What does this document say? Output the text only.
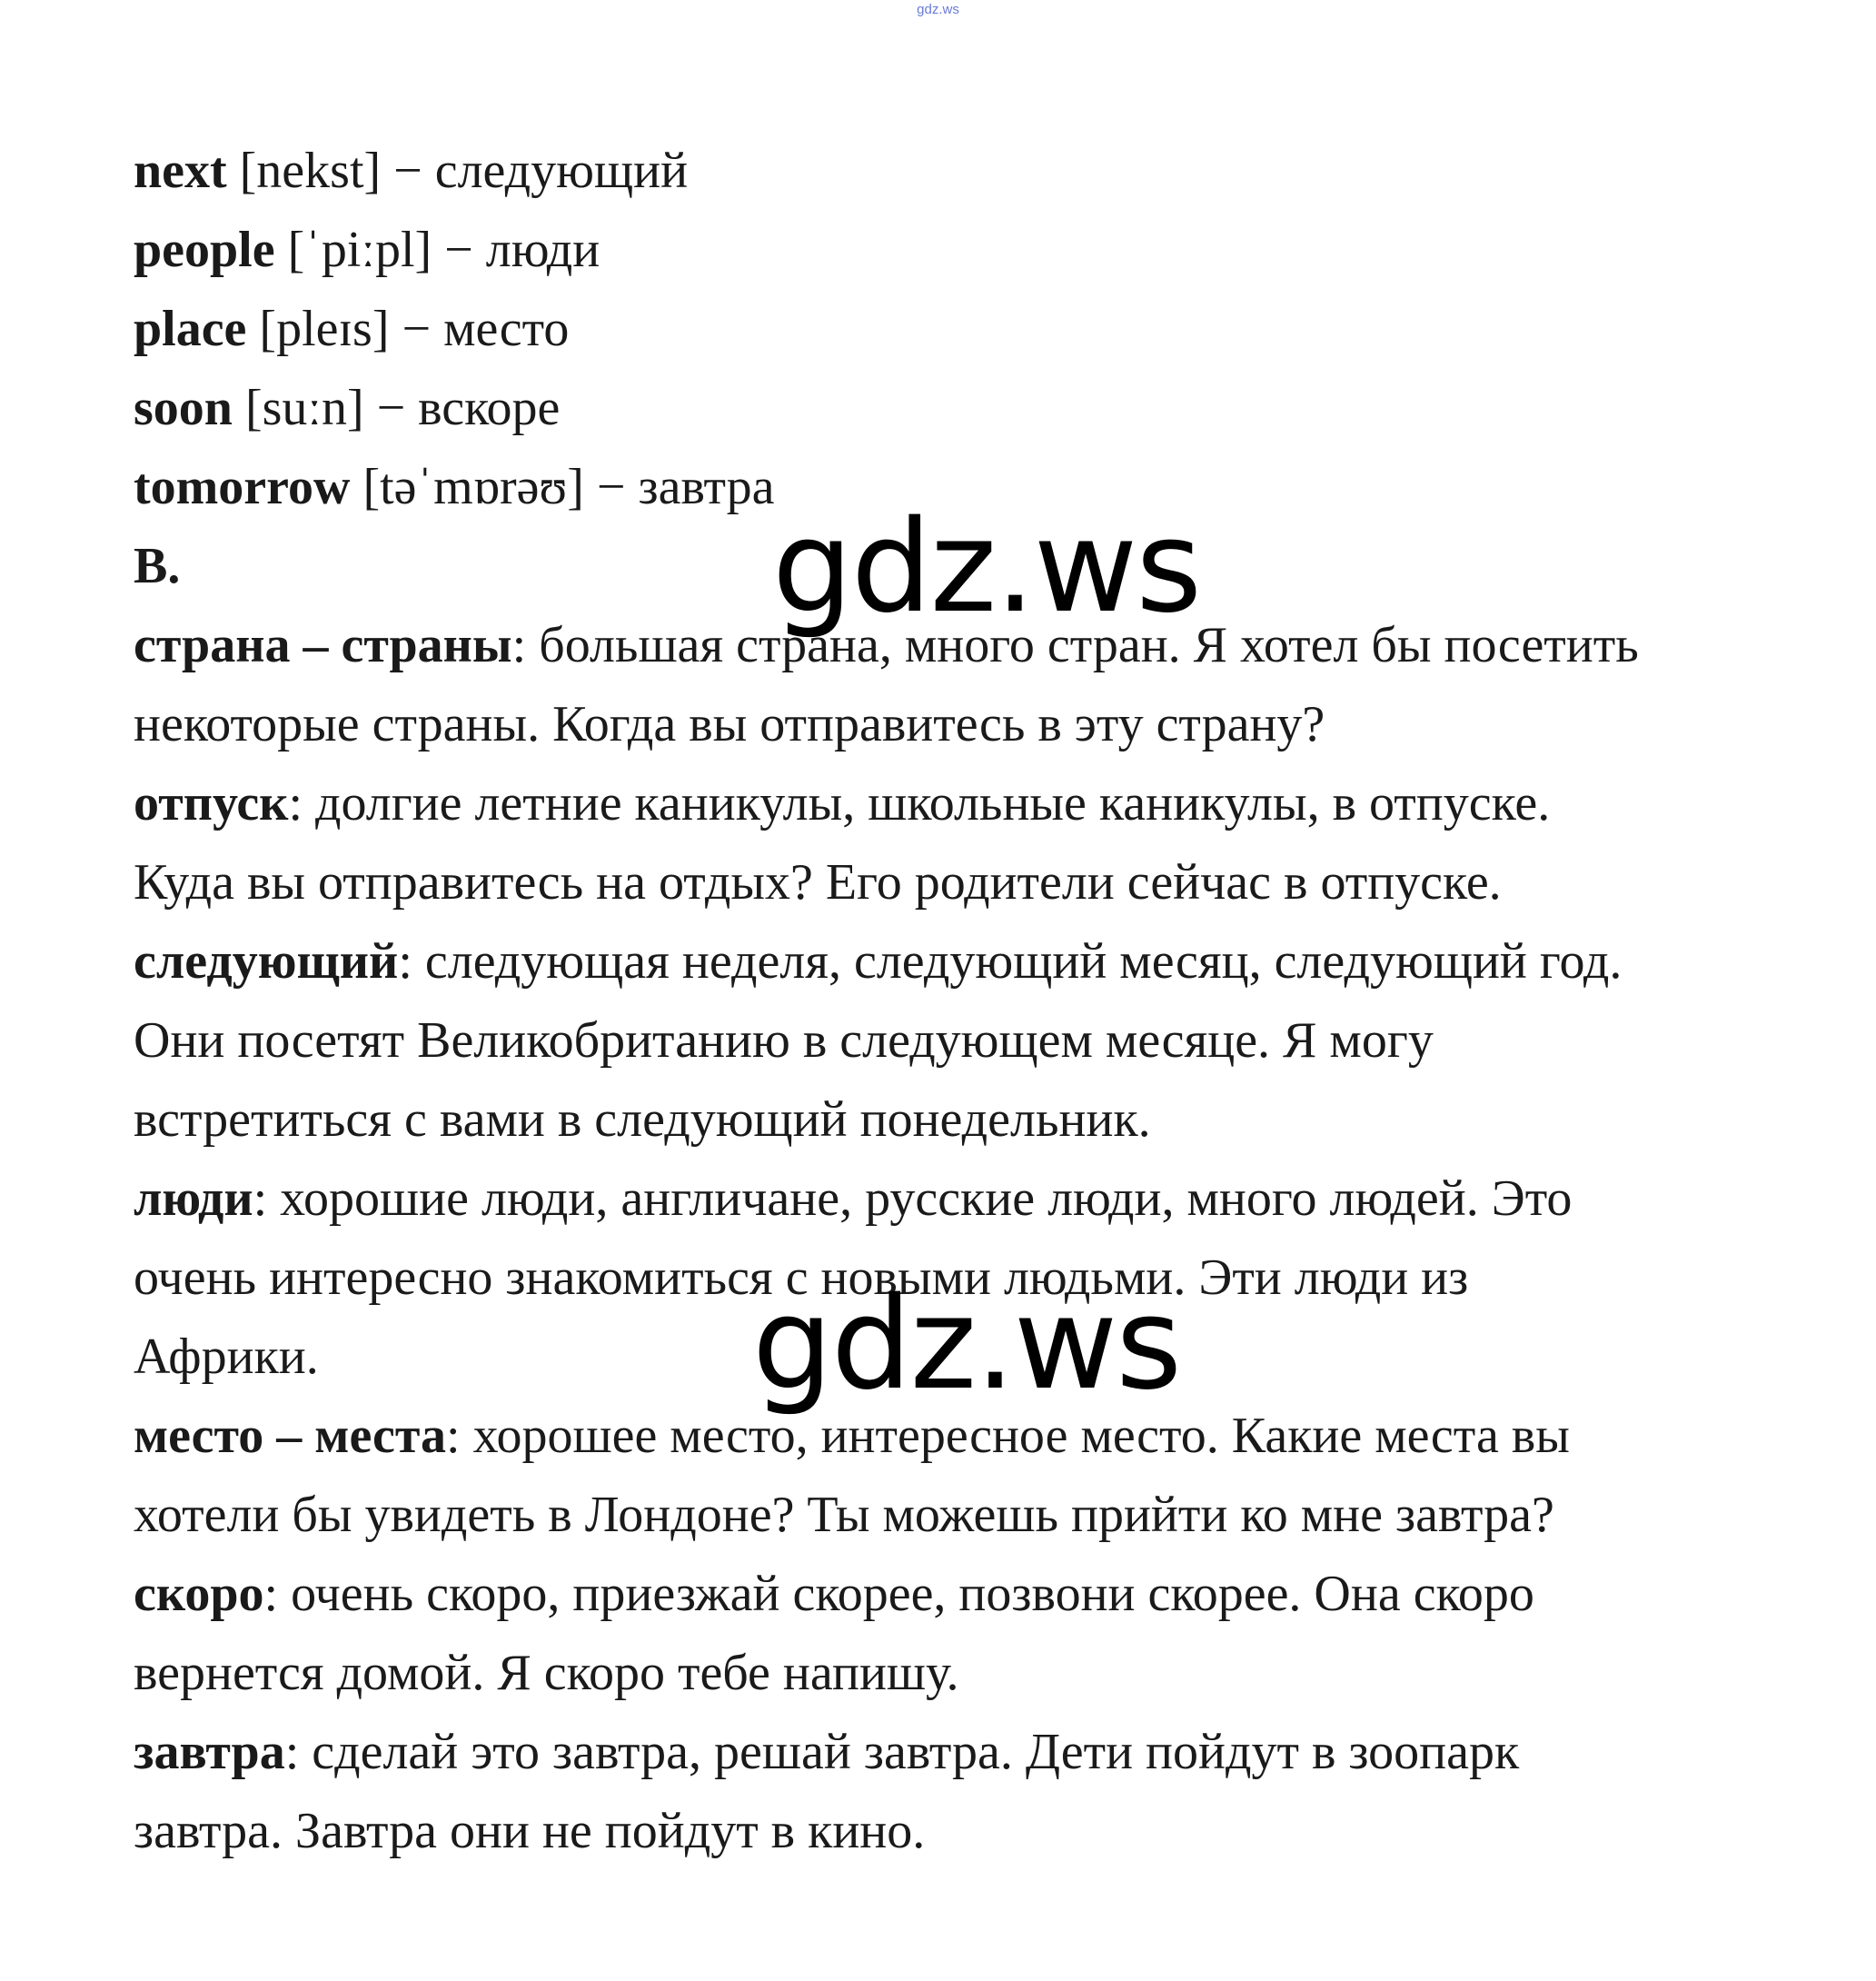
gdz.ws
next [nekst] − следующий
people [ˈpiːpl] − люди
place [pleɪs] − место
soon [suːn] − вскоре
tomorrow [təˈmɒrəʊ] − завтра
B.
страна – страны: большая страна, много стран. Я хотел бы посетить
некоторые страны. Когда вы отправитесь в эту страну?
отпуск: долгие летние каникулы, школьные каникулы, в отпуске.
Куда вы отправитесь на отдых? Его родители сейчас в отпуске.
следующий: следующая неделя, следующий месяц, следующий год.
Они посетят Великобританию в следующем месяце. Я могу
встретиться с вами в следующий понедельник.
люди: хорошие люди, англичане, русские люди, много людей. Это
очень интересно знакомиться с новыми людьми. Эти люди из
Африки.
место – места: хорошее место, интересное место. Какие места вы
хотели бы увидеть в Лондоне? Ты можешь прийти ко мне завтра?
скоро: очень скоро, приезжай скорее, позвони скорее. Она скоро
вернется домой. Я скоро тебе напишу.
завтра: сделай это завтра, решай завтра. Дети пойдут в зоопарк
завтра. Завтра они не пойдут в кино.
gdz.ws
gdz.ws
